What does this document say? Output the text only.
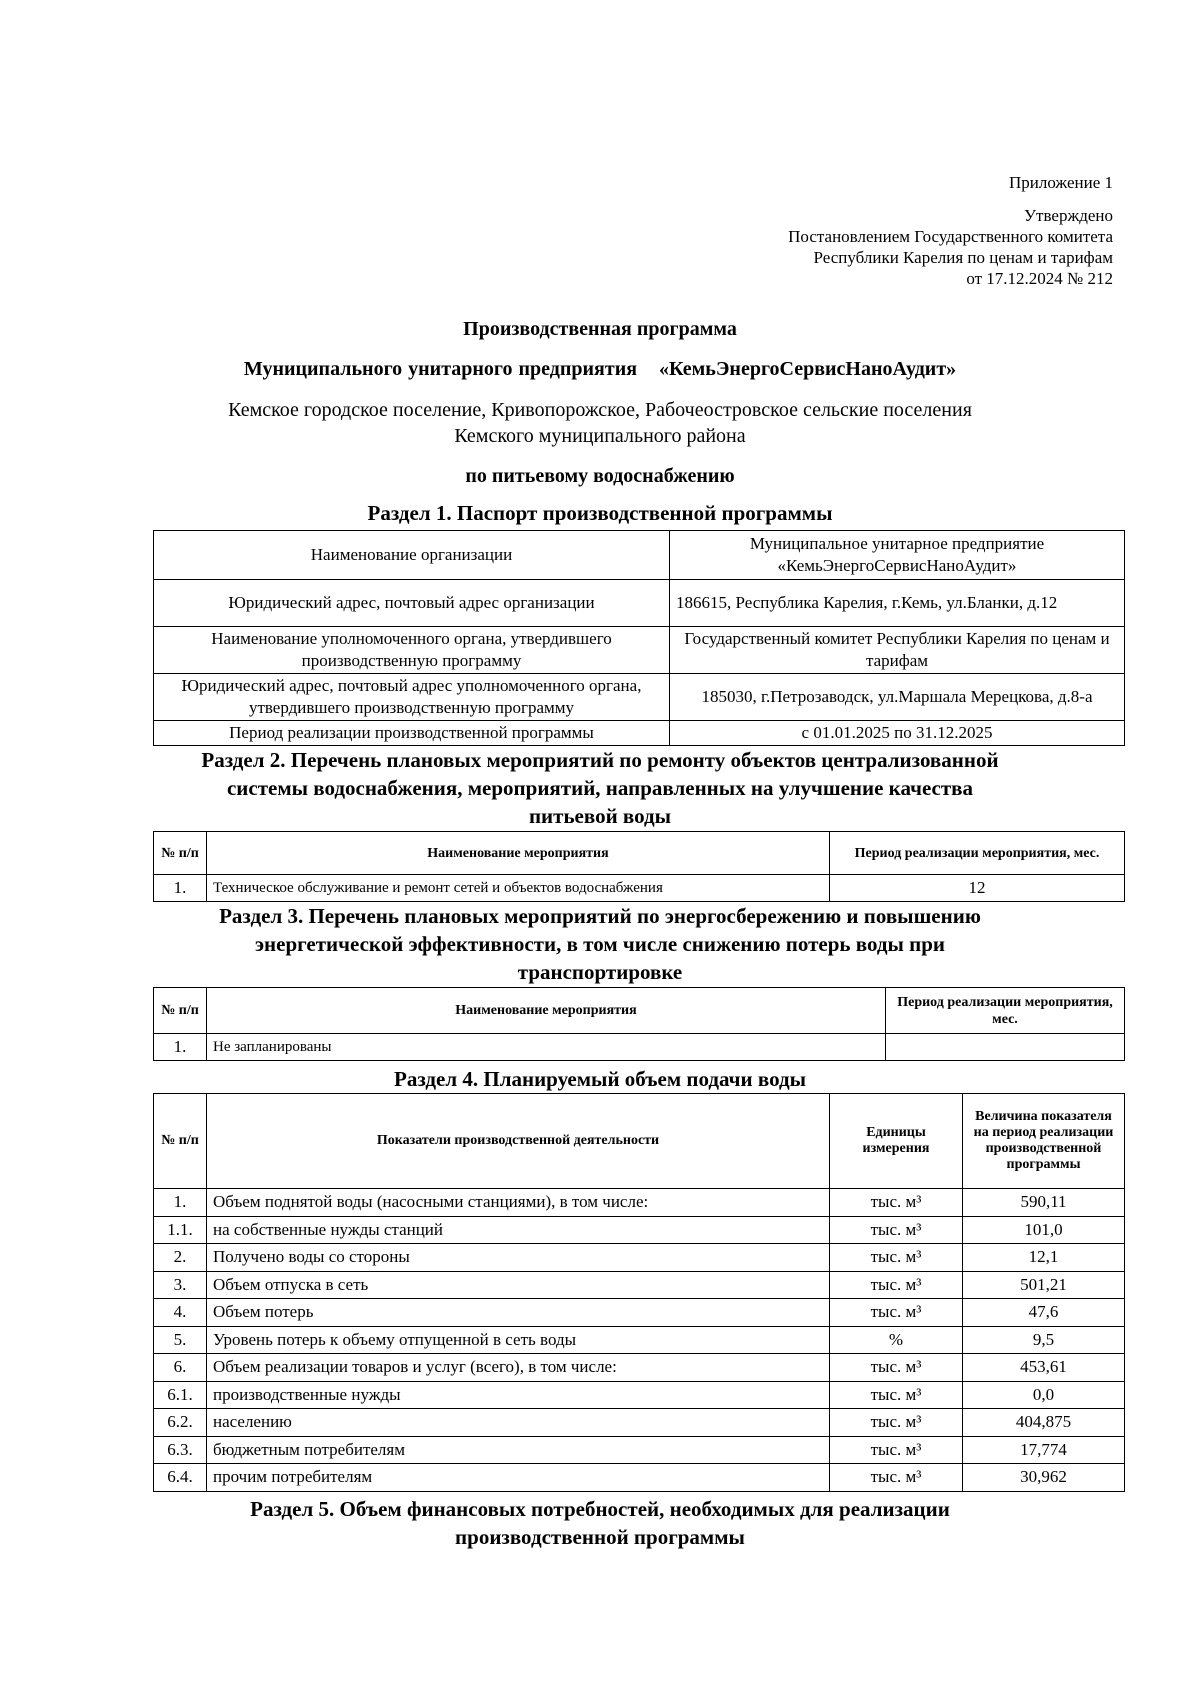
Приложение 1
Утверждено
Постановлением Государственного комитета
Республики Карелия по ценам и тарифам
от 17.12.2024 № 212
Производственная программа
Муниципального унитарного предприятия «КемьЭнергоСервисНаноАудит»
Кемское городское поселение, Кривопорожское, Рабочеостровское сельские поселения
Кемского муниципального района
по питьевому водоснабжению
Раздел 1. Паспорт производственной программы
Наименование организации	Муниципальное унитарное предприятие «КемьЭнергоСервисНаноАудит»
Юридический адрес, почтовый адрес организации	186615, Республика Карелия, г.Кемь, ул.Бланки, д.12
Наименование уполномоченного органа, утвердившего производственную программу	Государственный комитет Республики Карелия по ценам и тарифам
Юридический адрес, почтовый адрес уполномоченного органа, утвердившего производственную программу	185030, г.Петрозаводск, ул.Маршала Мерецкова, д.8-а
Период реализации производственной программы	с 01.01.2025 по 31.12.2025
Раздел 2. Перечень плановых мероприятий по ремонту объектов централизованной
системы водоснабжения, мероприятий, направленных на улучшение качества
питьевой воды
№ п/п	Наименование мероприятия	Период реализации мероприятия, мес.
1.	Техническое обслуживание и ремонт сетей и объектов водоснабжения	12
Раздел 3. Перечень плановых мероприятий по энергосбережению и повышению
энергетической эффективности, в том числе снижению потерь воды при
транспортировке
№ п/п	Наименование мероприятия	Период реализации мероприятия, мес.
1.	Не запланированы	
Раздел 4. Планируемый объем подачи воды
№ п/п	Показатели производственной деятельности	Единицы измерения	Величина показателя на период реализации производственной программы
1.	Объем поднятой воды (насосными станциями), в том числе:	тыс. м³	590,11
1.1.	на собственные нужды станций	тыс. м³	101,0
2.	Получено воды со стороны	тыс. м³	12,1
3.	Объем отпуска в сеть	тыс. м³	501,21
4.	Объем потерь	тыс. м³	47,6
5.	Уровень потерь к объему отпущенной в сеть воды	%	9,5
6.	Объем реализации товаров и услуг (всего), в том числе:	тыс. м³	453,61
6.1.	производственные нужды	тыс. м³	0,0
6.2.	населению	тыс. м³	404,875
6.3.	бюджетным потребителям	тыс. м³	17,774
6.4.	прочим потребителям	тыс. м³	30,962
Раздел 5. Объем финансовых потребностей, необходимых для реализации
производственной программы
